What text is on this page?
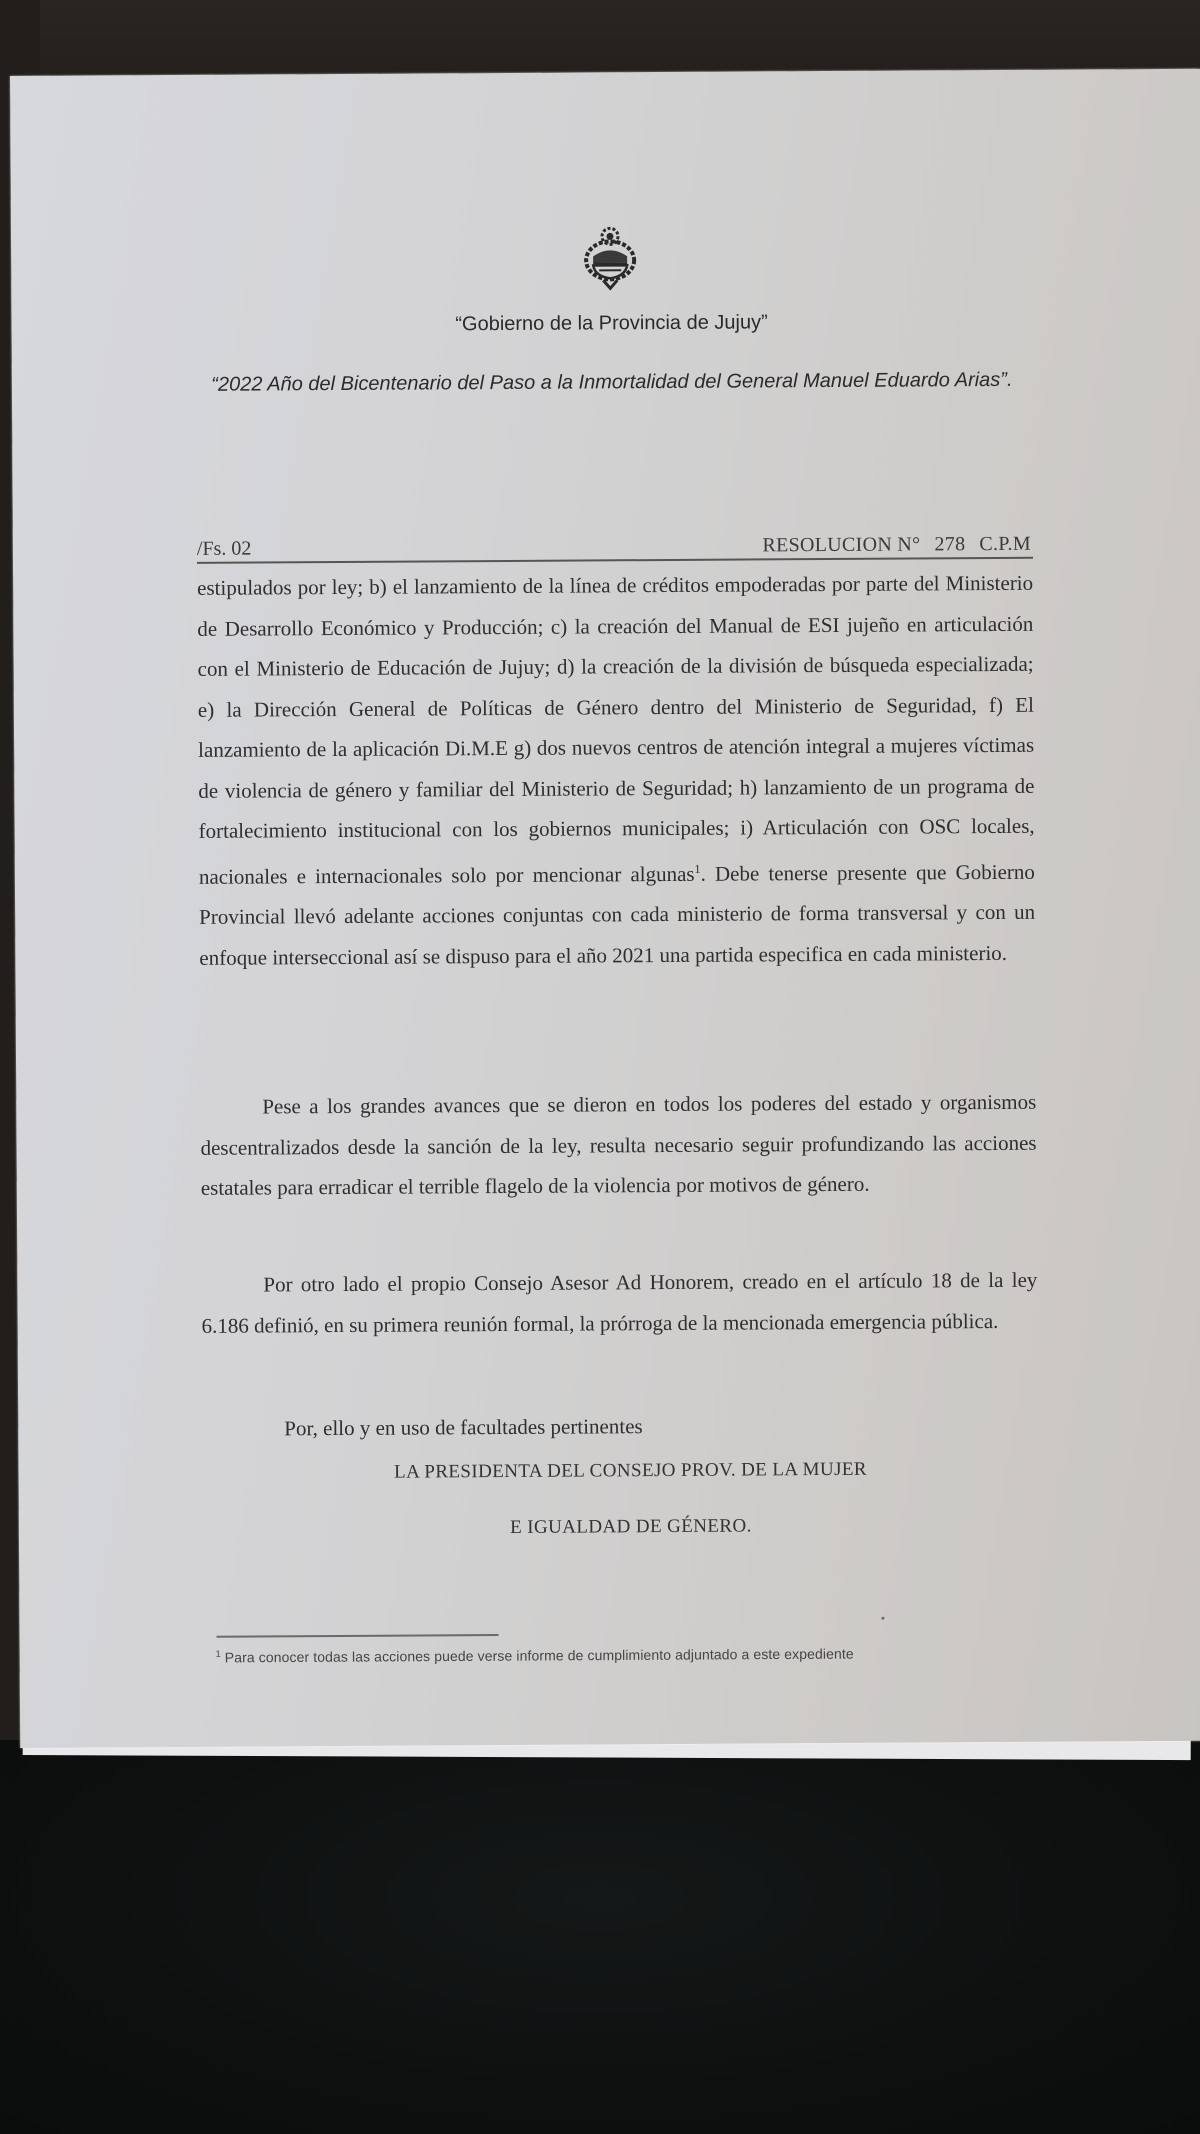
“Gobierno de la Provincia de Jujuy”
“2022 Año del Bicentenario del Paso a la Inmortalidad del General Manuel Eduardo Arias”.
/Fs. 02	RESOLUCION N° 278 C.P.M
estipulados por ley; b) el lanzamiento de la línea de créditos empoderadas por parte del Ministerio de Desarrollo Económico y Producción; c) la creación del Manual de ESI jujeño en articulación con el Ministerio de Educación de Jujuy; d) la creación de la división de búsqueda especializada; e) la Dirección General de Políticas de Género dentro del Ministerio de Seguridad, f) El lanzamiento de la aplicación Di.M.E g) dos nuevos centros de atención integral a mujeres víctimas de violencia de género y familiar del Ministerio de Seguridad; h) lanzamiento de un programa de fortalecimiento institucional con los gobiernos municipales; i) Articulación con OSC locales, nacionales e internacionales solo por mencionar algunas$^1$. Debe tenerse presente que Gobierno Provincial llevó adelante acciones conjuntas con cada ministerio de forma transversal y con un enfoque interseccional así se dispuso para el año 2021 una partida especifica en cada ministerio.
Pese a los grandes avances que se dieron en todos los poderes del estado y organismos descentralizados desde la sanción de la ley, resulta necesario seguir profundizando las acciones estatales para erradicar el terrible flagelo de la violencia por motivos de género.
Por otro lado el propio Consejo Asesor Ad Honorem, creado en el artículo 18 de la ley 6.186 definió, en su primera reunión formal, la prórroga de la mencionada emergencia pública.
Por, ello y en uso de facultades pertinentes
LA PRESIDENTA DEL CONSEJO PROV. DE LA MUJER
E IGUALDAD DE GÉNERO.
$^1$ Para conocer todas las acciones puede verse informe de cumplimiento adjuntado a este expediente
